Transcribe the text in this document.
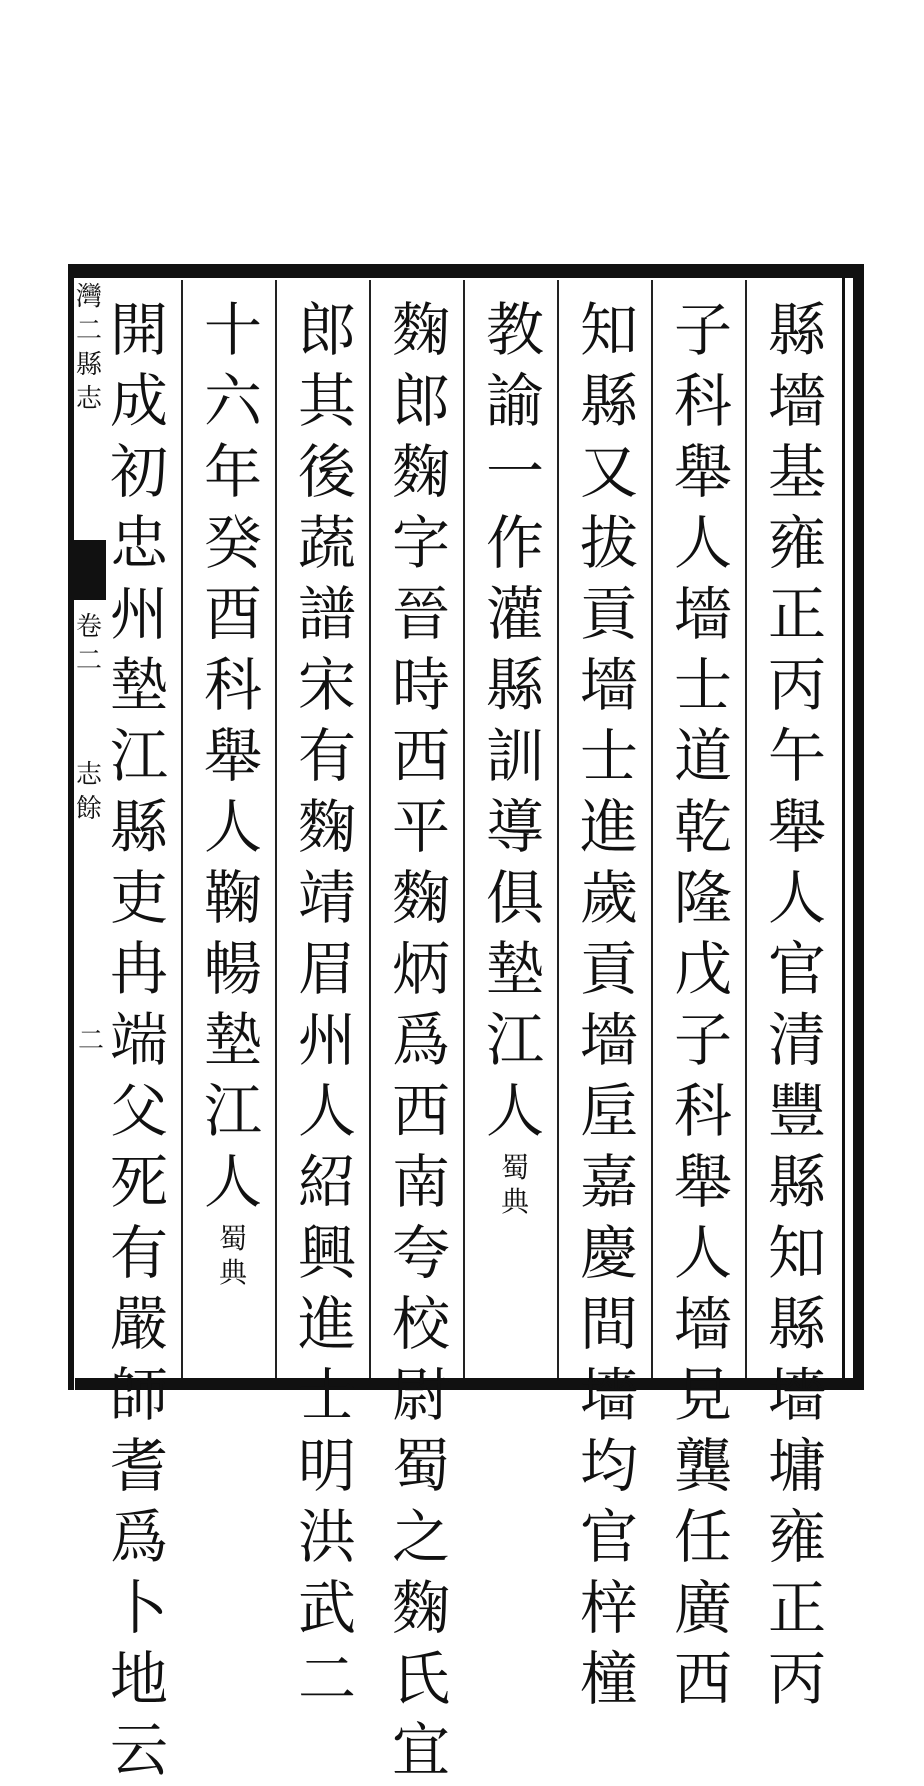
灣二縣志
卷二
志餘
二
縣
墻
基
雍
正
丙
午
舉
人
官
清
豐
縣
知
縣
墻
墉
雍
正
丙
子
科
舉
人
墻
士
道
乾
隆
戊
子
科
舉
人
墻
見
龔
任
廣
西
知
縣
又
拔
貢
墻
士
進
歲
貢
墻
垕
嘉
慶
間
墻
均
官
梓
橦
教
諭
一
作
灌
縣
訓
導
俱
墊
江
人
蜀
典
麴
郎
麴
字
晉
時
西
平
麴
炳
爲
西
南
夸
校
尉
蜀
之
麴
氏
宜
郎
其
後
蔬
譜
宋
有
麴
靖
眉
州
人
紹
興
進
士
明
洪
武
二
十
六
年
癸
酉
科
舉
人
鞠
暢
墊
江
人
蜀
典
開
成
初
忠
州
墊
江
縣
吏
冉
端
父
死
有
嚴
師
耆
爲
卜
地
云
